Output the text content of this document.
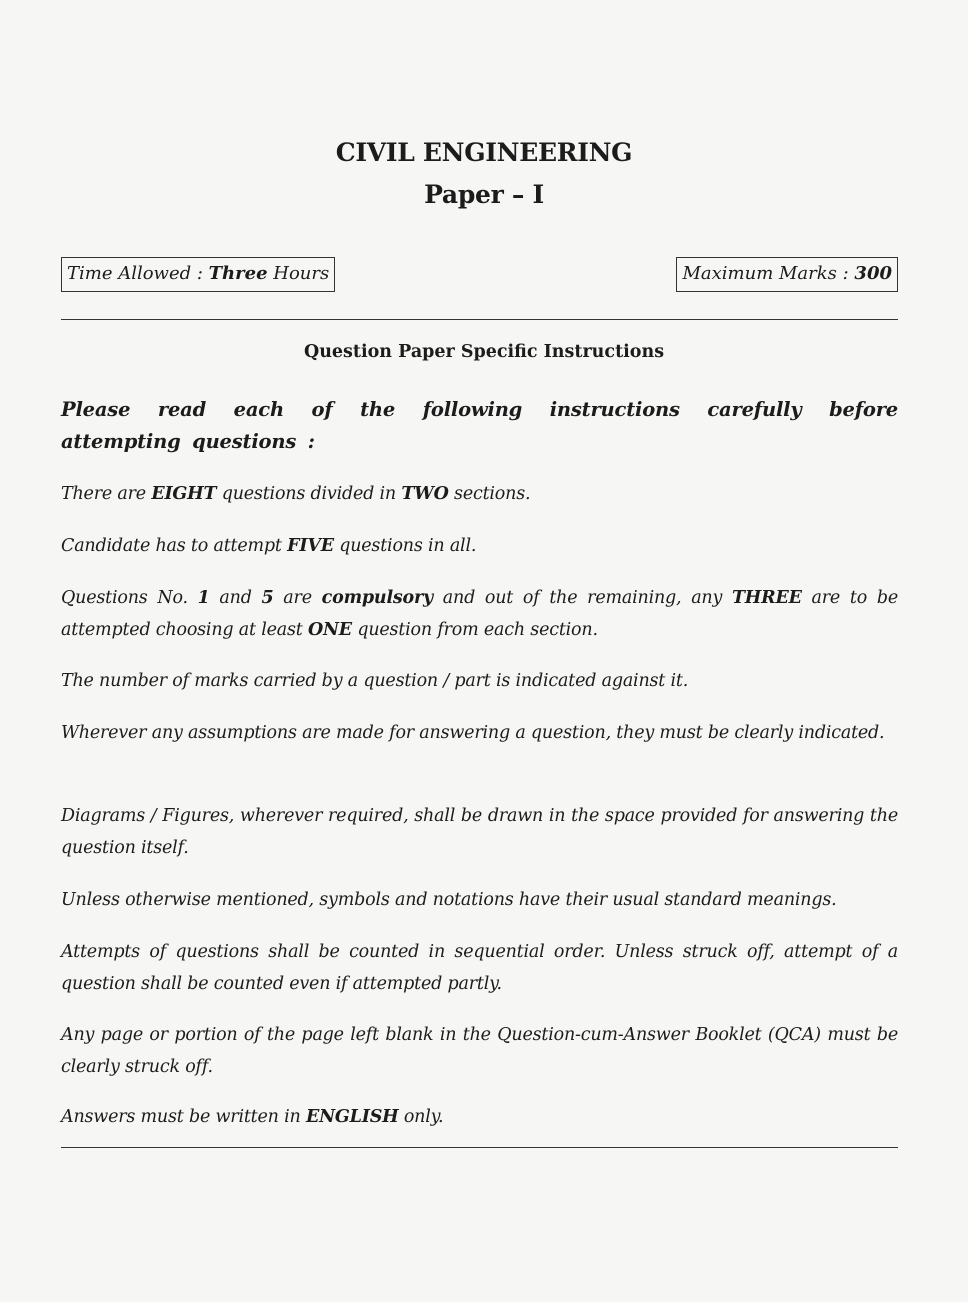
CIVIL ENGINEERING
Paper – I
Time Allowed : Three Hours	Maximum Marks : 300
Question Paper Specific Instructions
Please read each of the following instructions carefully before attempting questions :
There are EIGHT questions divided in TWO sections.
Candidate has to attempt FIVE questions in all.
Questions No. 1 and 5 are compulsory and out of the remaining, any THREE are to be attempted choosing at least ONE question from each section.
The number of marks carried by a question / part is indicated against it.
Wherever any assumptions are made for answering a question, they must be clearly indicated.
Diagrams / Figures, wherever required, shall be drawn in the space provided for answering the question itself.
Unless otherwise mentioned, symbols and notations have their usual standard meanings.
Attempts of questions shall be counted in sequential order. Unless struck off, attempt of a question shall be counted even if attempted partly.
Any page or portion of the page left blank in the Question-cum-Answer Booklet (QCA) must be clearly struck off.
Answers must be written in ENGLISH only.
